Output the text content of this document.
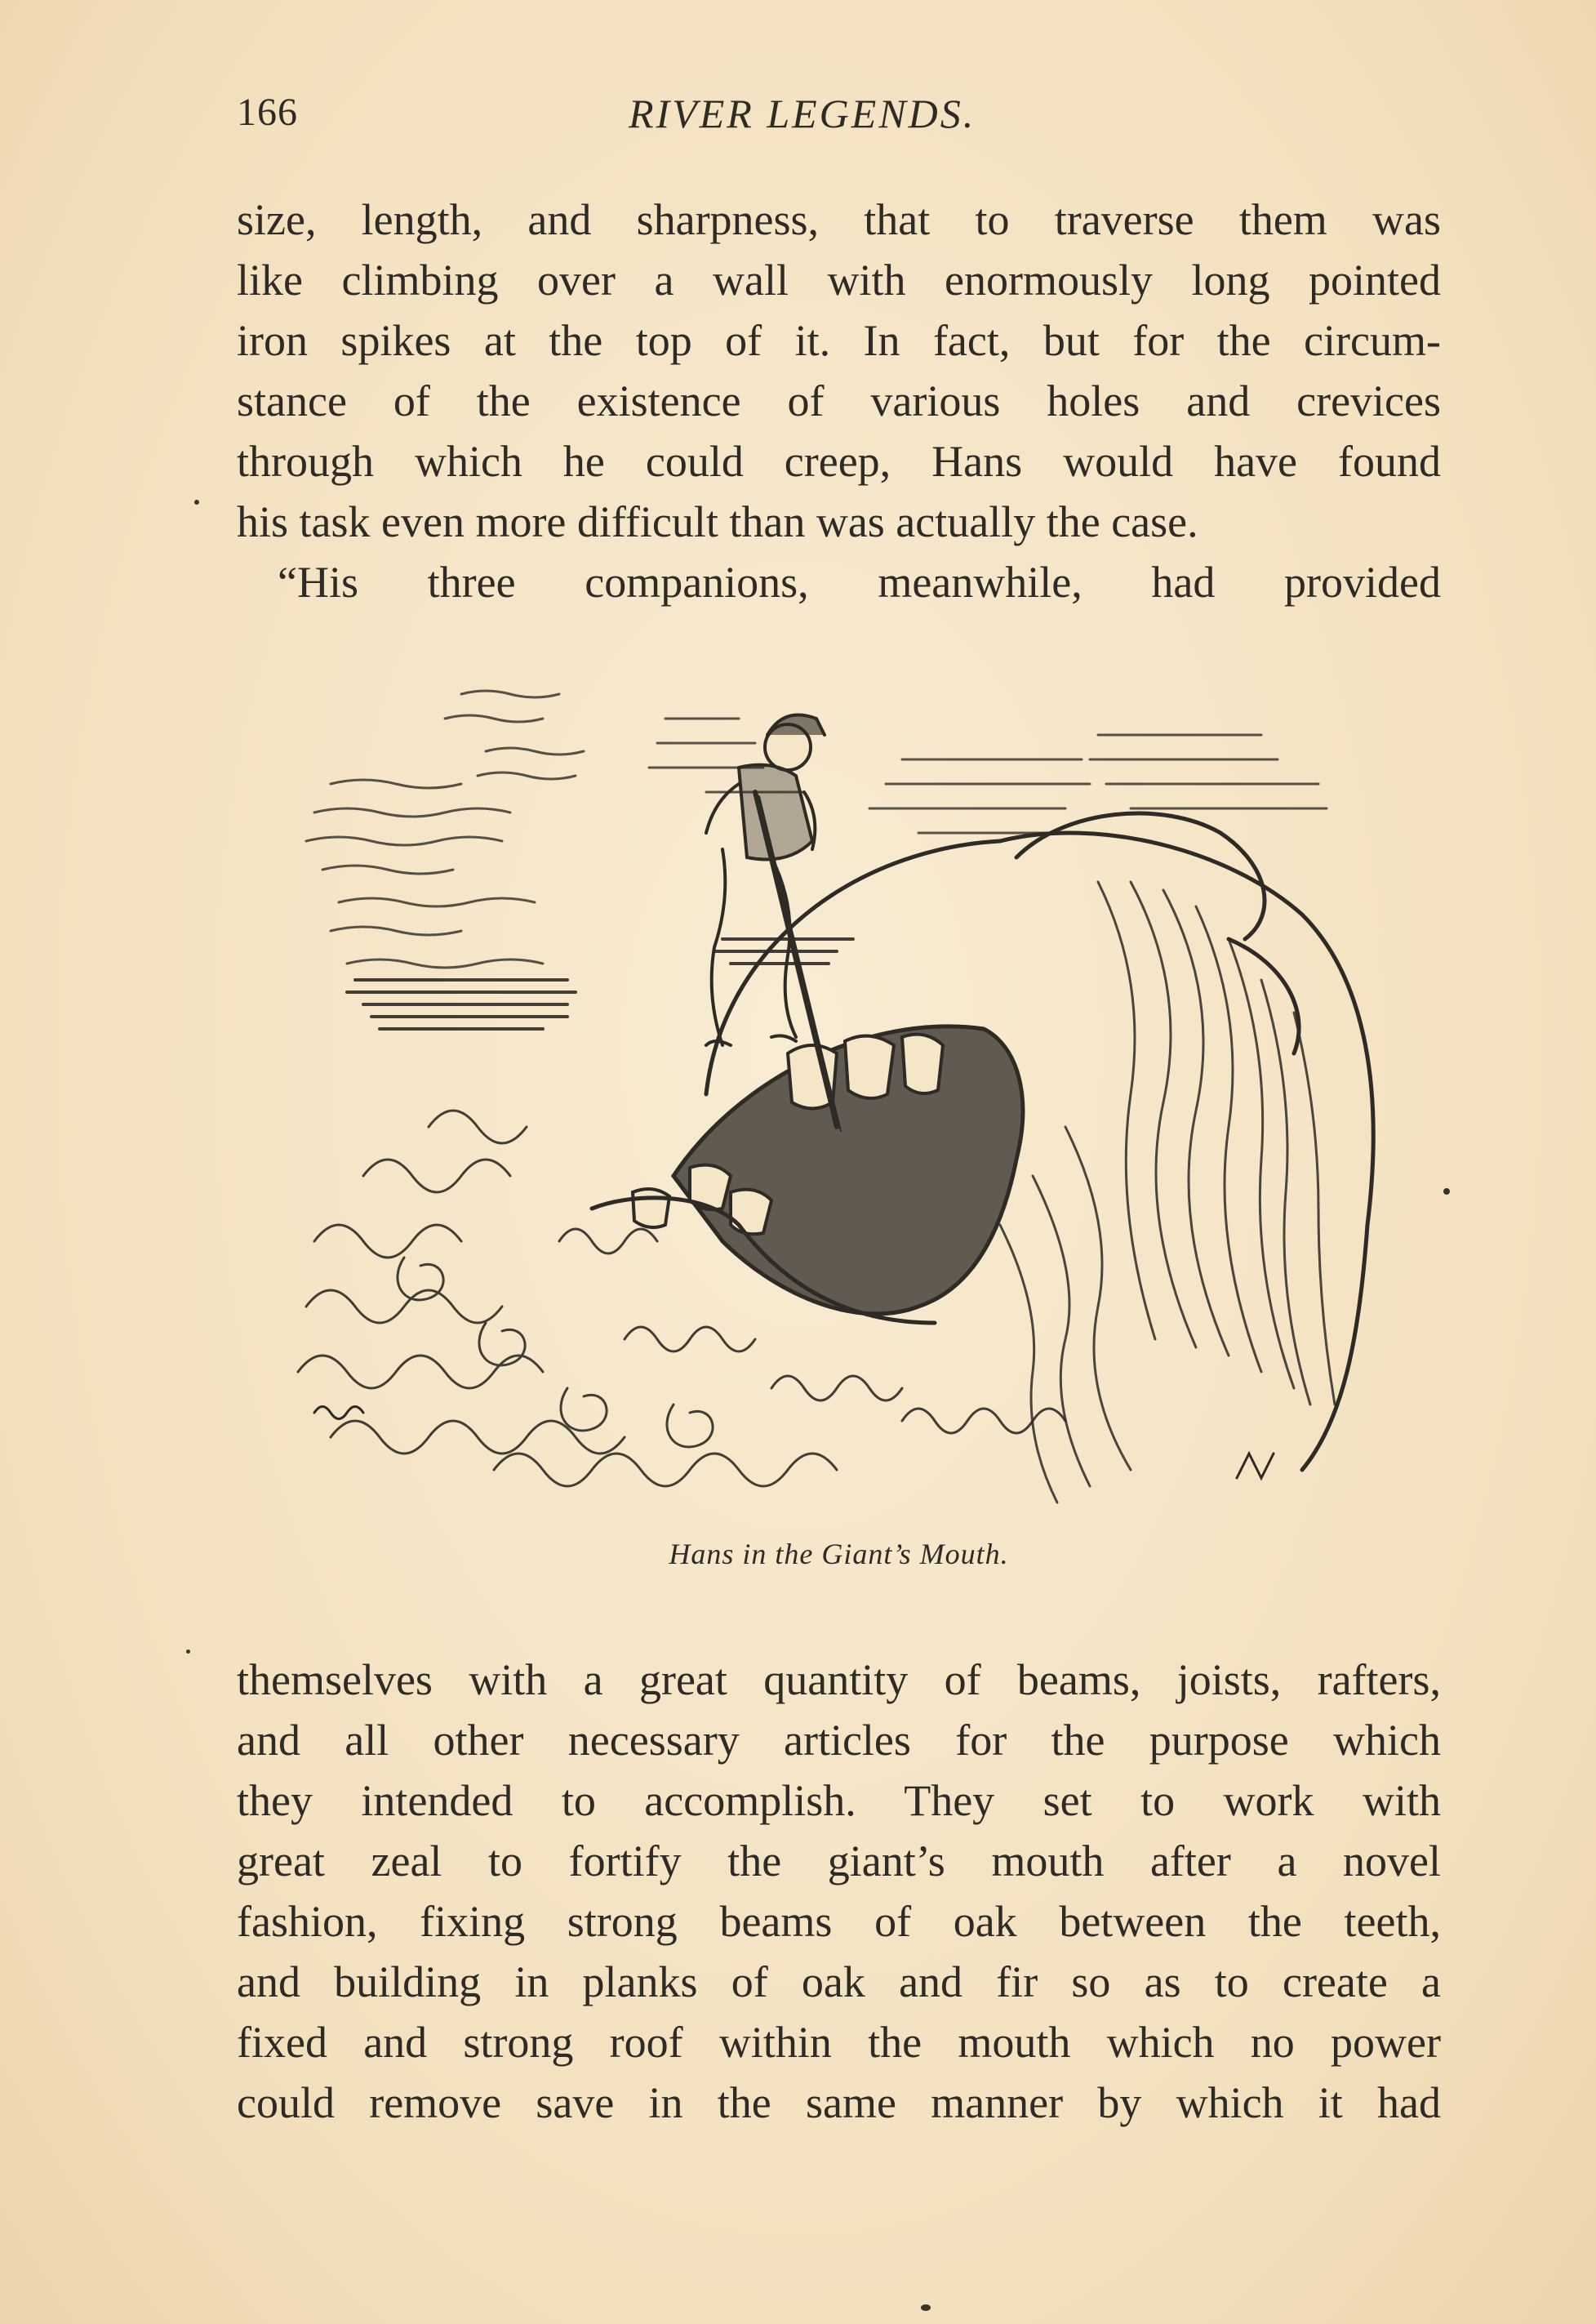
166	RIVER LEGENDS.
size, length, and sharpness, that to traverse them was
like climbing over a wall with enormously long pointed
iron spikes at the top of it. In fact, but for the circum-
stance of the existence of various holes and crevices
through which he could creep, Hans would have found
his task even more difficult than was actually the case.
“His three companions, meanwhile, had provided
Hans in the Giant’s Mouth.
themselves with a great quantity of beams, joists, rafters,
and all other necessary articles for the purpose which
they intended to accomplish. They set to work with
great zeal to fortify the giant’s mouth after a novel
fashion, fixing strong beams of oak between the teeth,
and building in planks of oak and fir so as to create a
fixed and strong roof within the mouth which no power
could remove save in the same manner by which it had
